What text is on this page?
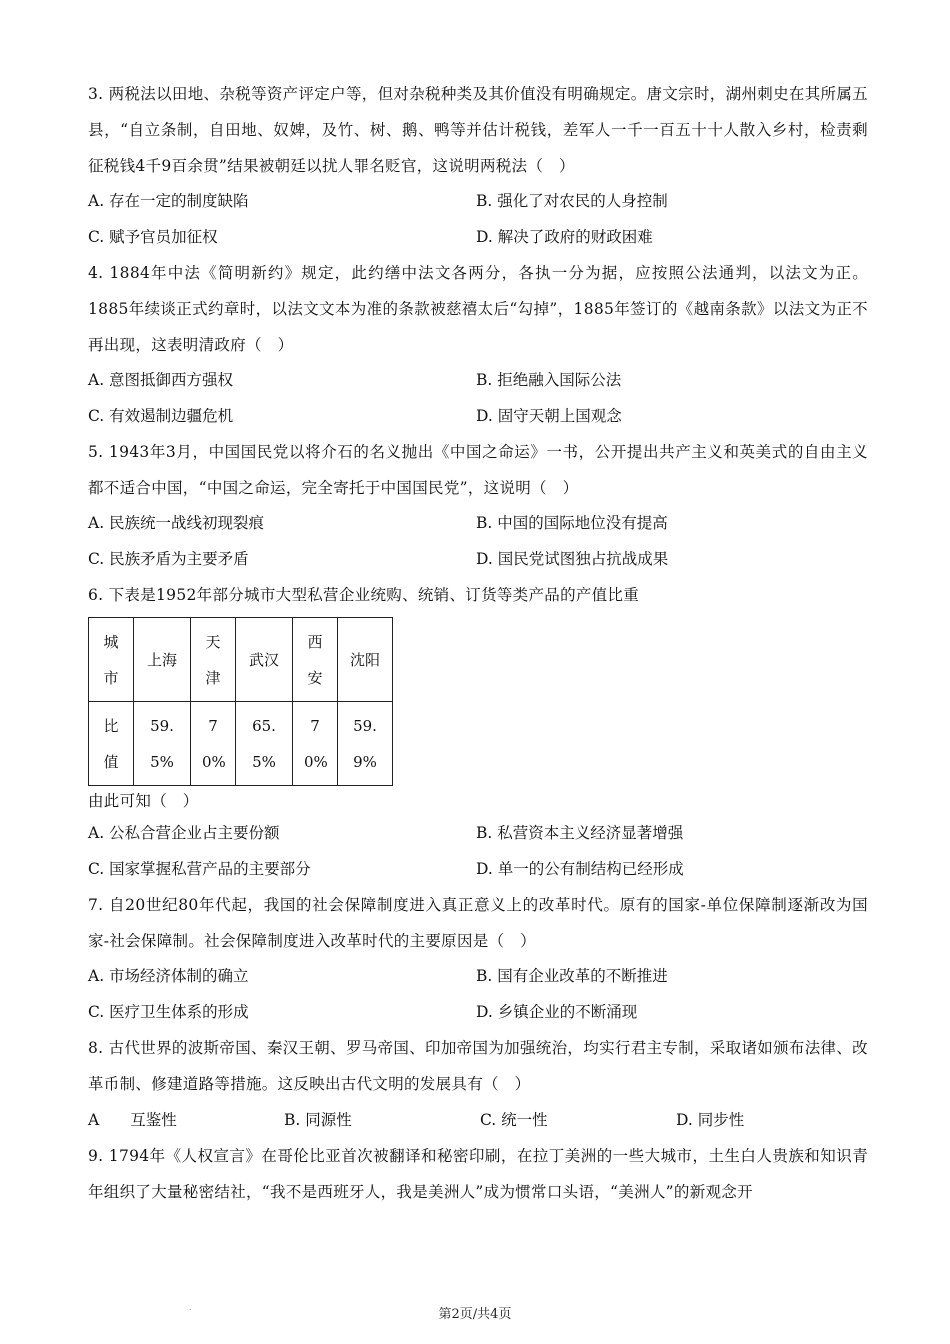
3. 两税法以田地、杂税等资产评定户等，但对杂税种类及其价值没有明确规定。唐文宗时，湖州刺史在其所属五县，“自立条制，自田地、奴婢，及竹、树、鹅、鸭等并估计税钱，差军人一千一百五十十人散入乡村，检责剩征税钱4千9百余贯”结果被朝廷以扰人罪名贬官，这说明两税法（　）

A. 存在一定的制度缺陷	B. 强化了对农民的人身控制
C. 赋予官员加征权	D. 解决了政府的财政困难

4. 1884年中法《简明新约》规定，此约缮中法文各两分，各执一分为据，应按照公法通判，以法文为正。1885年续谈正式约章时，以法文文本为准的条款被慈禧太后“勾掉”，1885年签订的《越南条款》以法文为正不再出现，这表明清政府（　）

A. 意图抵御西方强权	B. 拒绝融入国际公法
C. 有效遏制边疆危机	D. 固守天朝上国观念

5. 1943年3月，中国国民党以将介石的名义抛出《中国之命运》一书，公开提出共产主义和英美式的自由主义都不适合中国，“中国之命运，完全寄托于中国国民党”，这说明（　）

A. 民族统一战线初现裂痕	B. 中国的国际地位没有提高
C. 民族矛盾为主要矛盾	D. 国民党试图独占抗战成果

6. 下表是1952年部分城市大型私营企业统购、统销、订货等类产品的产值比重

城市	上海	天津	武汉	西安	沈阳
比值	59.5%	70%	65.5%	70%	59.9%

由此可知（　）

A. 公私合营企业占主要份额	B. 私营资本主义经济显著增强
C. 国家掌握私营产品的主要部分	D. 单一的公有制结构已经形成

7. 自20世纪80年代起，我国的社会保障制度进入真正意义上的改革时代。原有的国家-单位保障制逐渐改为国家-社会保障制。社会保障制度进入改革时代的主要原因是（　）

A. 市场经济体制的确立	B. 国有企业改革的不断推进
C. 医疗卫生体系的形成	D. 乡镇企业的不断涌现

8. 古代世界的波斯帝国、秦汉王朝、罗马帝国、印加帝国为加强统治，均实行君主专制，采取诸如颁布法律、改革币制、修建道路等措施。这反映出古代文明的发展具有（　）

A　　互鉴性	B. 同源性	C. 统一性	D. 同步性

9. 1794年《人权宣言》在哥伦比亚首次被翻译和秘密印刷，在拉丁美洲的一些大城市，土生白人贵族和知识青年组织了大量秘密结社，“我不是西班牙人，我是美洲人”成为惯常口头语，“美洲人”的新观念开

.	第2页/共4页
